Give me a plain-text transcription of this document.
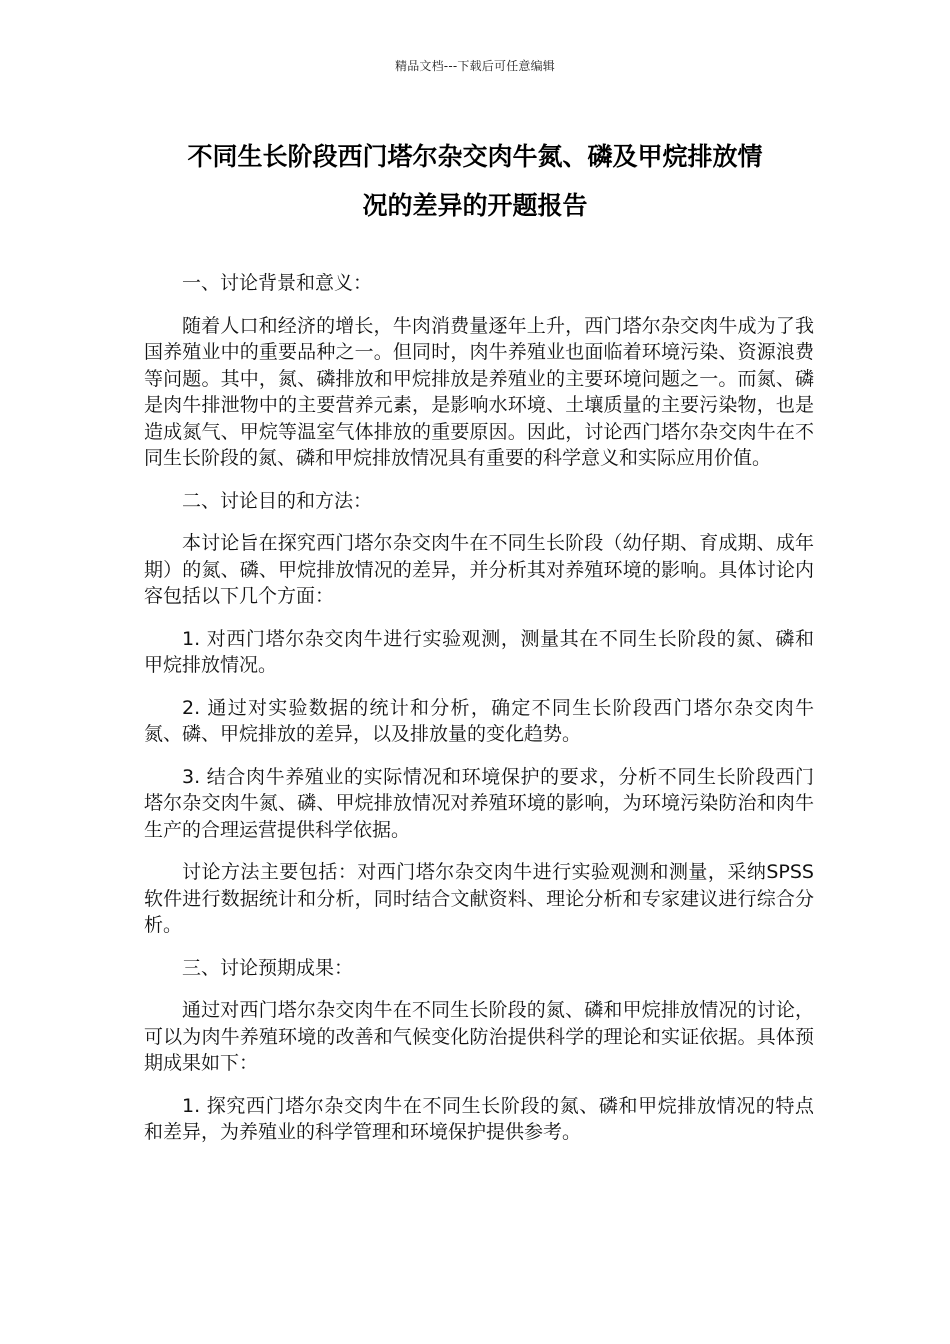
精品文档---下载后可任意编辑
不同生长阶段西门塔尔杂交肉牛氮、磷及甲烷排放情
况的差异的开题报告

一、讨论背景和意义：

随着人口和经济的增长，牛肉消费量逐年上升，西门塔尔杂交肉牛成为了我国养殖业中的重要品种之一。但同时，肉牛养殖业也面临着环境污染、资源浪费等问题。其中，氮、磷排放和甲烷排放是养殖业的主要环境问题之一。而氮、磷是肉牛排泄物中的主要营养元素，是影响水环境、土壤质量的主要污染物，也是造成氮气、甲烷等温室气体排放的重要原因。因此，讨论西门塔尔杂交肉牛在不同生长阶段的氮、磷和甲烷排放情况具有重要的科学意义和实际应用价值。

二、讨论目的和方法：

本讨论旨在探究西门塔尔杂交肉牛在不同生长阶段（幼仔期、育成期、成年期）的氮、磷、甲烷排放情况的差异，并分析其对养殖环境的影响。具体讨论内容包括以下几个方面：

1. 对西门塔尔杂交肉牛进行实验观测，测量其在不同生长阶段的氮、磷和甲烷排放情况。

2. 通过对实验数据的统计和分析，确定不同生长阶段西门塔尔杂交肉牛氮、磷、甲烷排放的差异，以及排放量的变化趋势。

3. 结合肉牛养殖业的实际情况和环境保护的要求，分析不同生长阶段西门塔尔杂交肉牛氮、磷、甲烷排放情况对养殖环境的影响，为环境污染防治和肉牛生产的合理运营提供科学依据。

讨论方法主要包括：对西门塔尔杂交肉牛进行实验观测和测量，采纳SPSS软件进行数据统计和分析，同时结合文献资料、理论分析和专家建议进行综合分析。

三、讨论预期成果：

通过对西门塔尔杂交肉牛在不同生长阶段的氮、磷和甲烷排放情况的讨论，可以为肉牛养殖环境的改善和气候变化防治提供科学的理论和实证依据。具体预期成果如下：

1. 探究西门塔尔杂交肉牛在不同生长阶段的氮、磷和甲烷排放情况的特点和差异，为养殖业的科学管理和环境保护提供参考。
